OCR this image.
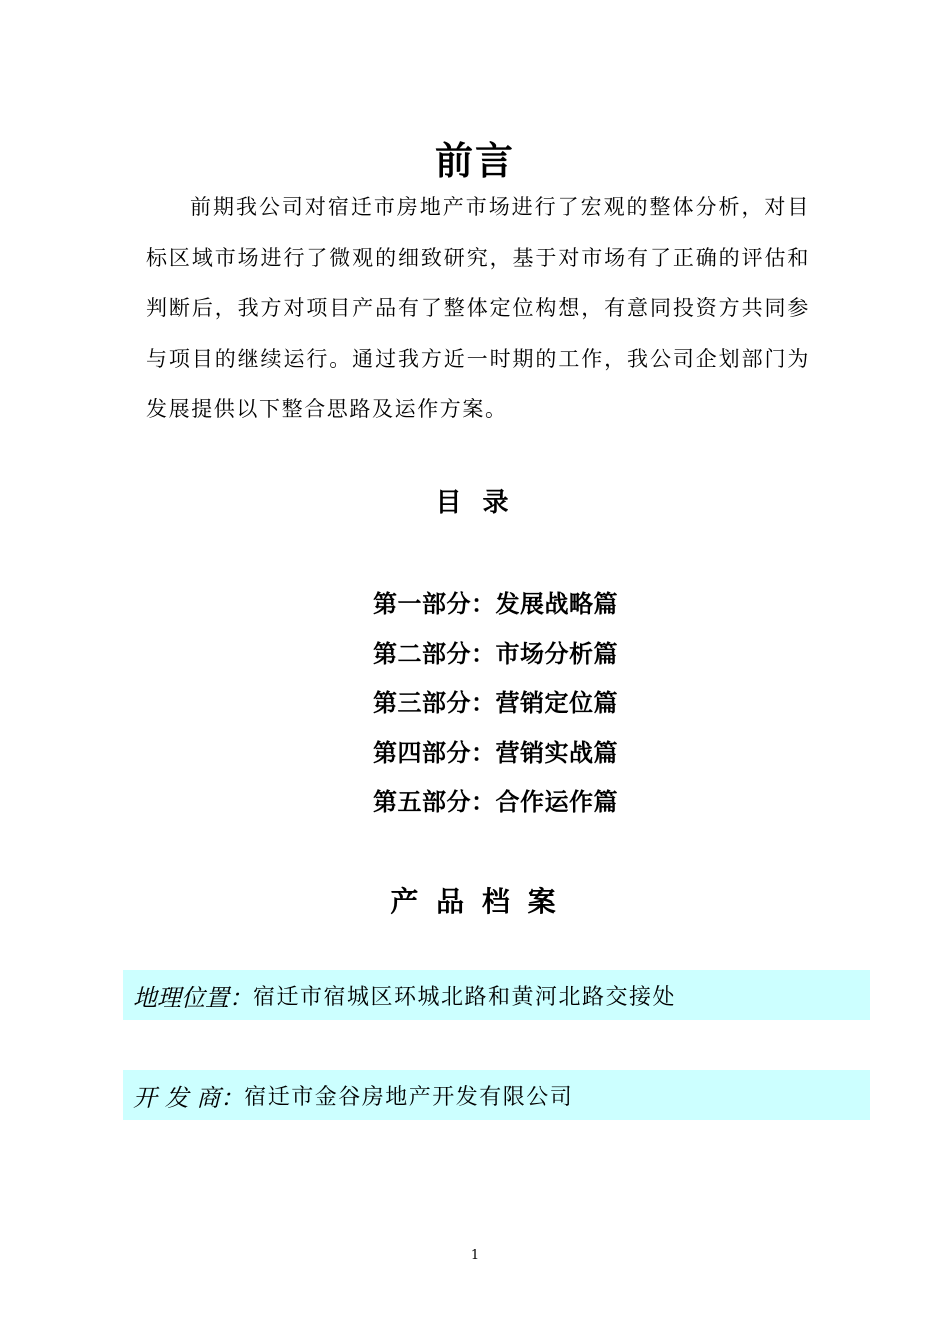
前言

前期我公司对宿迁市房地产市场进行了宏观的整体分析，对目标区域市场进行了微观的细致研究，基于对市场有了正确的评估和判断后，我方对项目产品有了整体定位构想，有意同投资方共同参与项目的继续运行。通过我方近一时期的工作，我公司企划部门为发展提供以下整合思路及运作方案。

目 录
第一部分：发展战略篇
第二部分：市场分析篇
第三部分：营销定位篇
第四部分：营销实战篇
第五部分：合作运作篇
产 品 档 案
地理位置： 宿迁市宿城区环城北路和黄河北路交接处
开 发 商： 宿迁市金谷房地产开发有限公司
1
